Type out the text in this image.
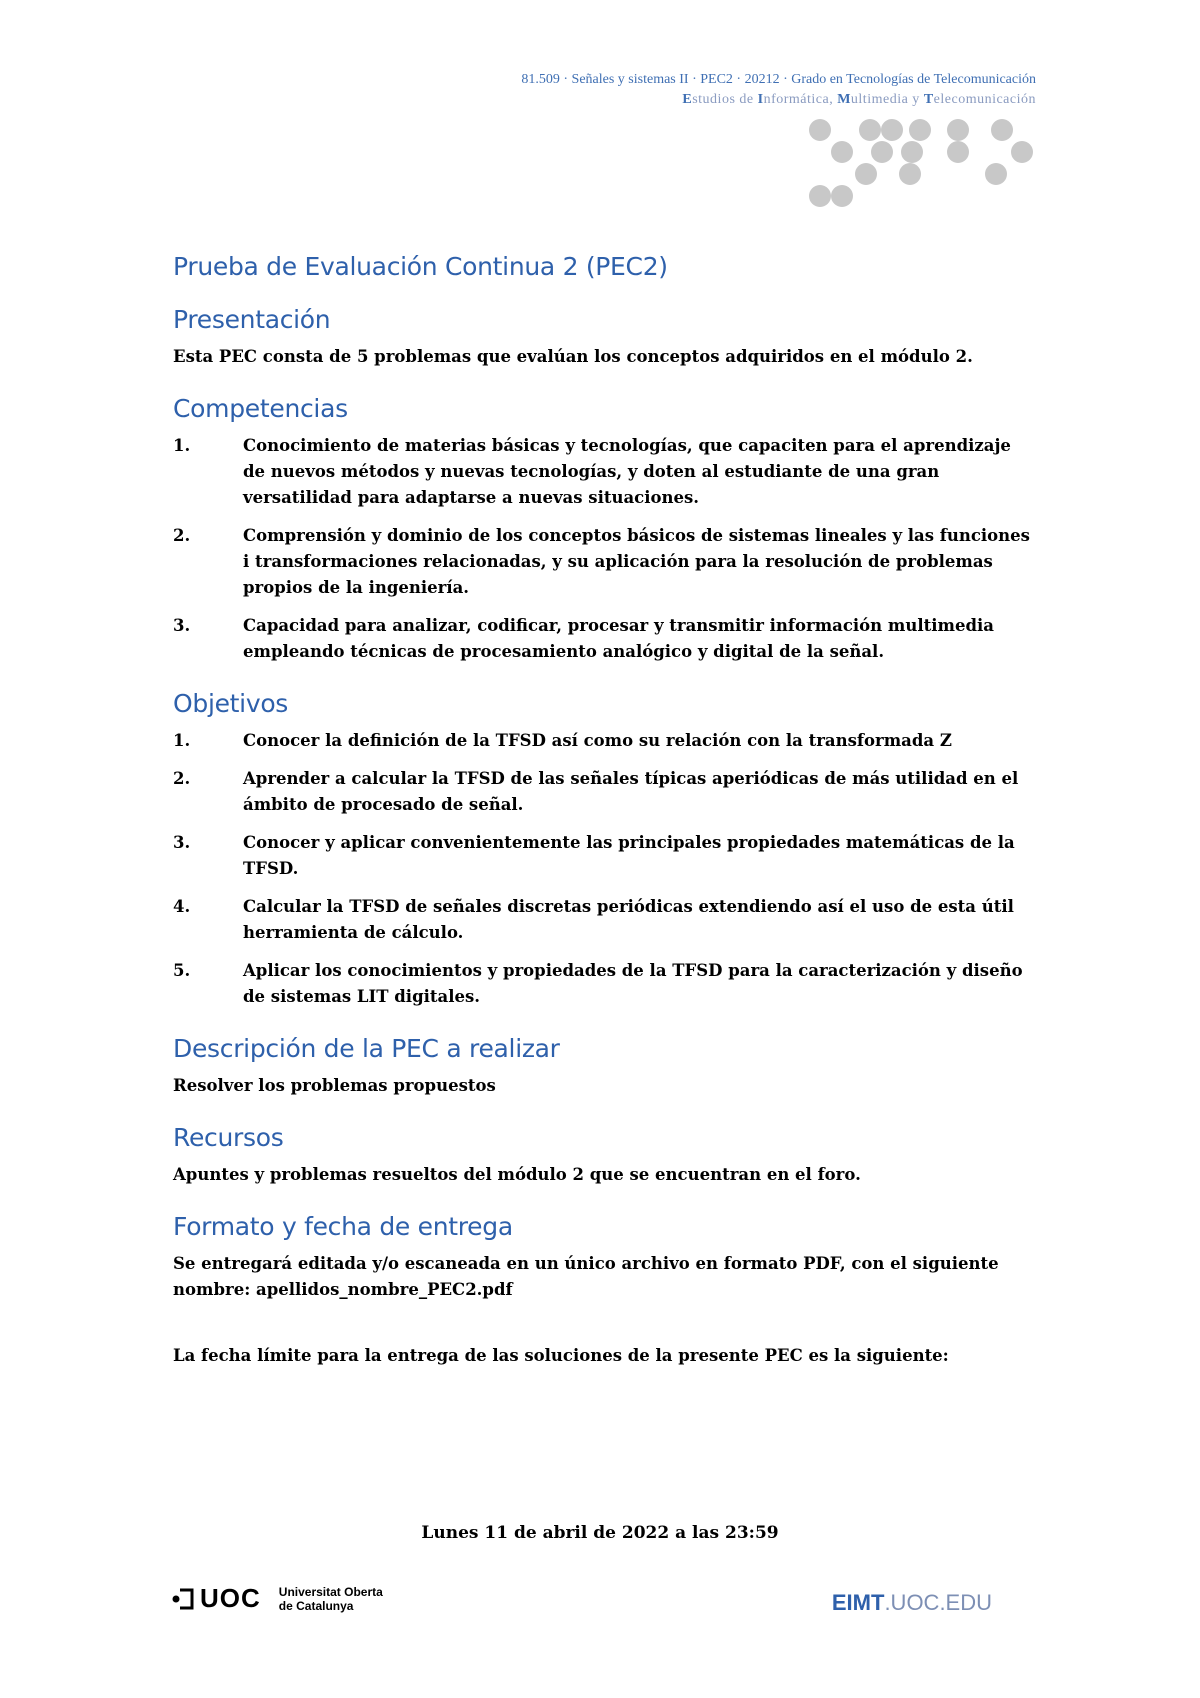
81.509 · Señales y sistemas II · PEC2 · 20212 · Grado en Tecnologías de Telecomunicación
Estudios de Informática, Multimedia y Telecomunicación
Prueba de Evaluación Continua 2 (PEC2)
Presentación

Esta PEC consta de 5 problemas que evalúan los conceptos adquiridos en el módulo 2.

Competencias
1.	Conocimiento de materias básicas y tecnologías, que capaciten para el aprendizaje de nuevos métodos y nuevas tecnologías, y doten al estudiante de una gran versatilidad para adaptarse a nuevas situaciones.
2.	Comprensión y dominio de los conceptos básicos de sistemas lineales y las funciones i transformaciones relacionadas, y su aplicación para la resolución de problemas propios de la ingeniería.
3.	Capacidad para analizar, codificar, procesar y transmitir información multimedia empleando técnicas de procesamiento analógico y digital de la señal.
Objetivos
1.	Conocer la definición de la TFSD así como su relación con la transformada Z
2.	Aprender a calcular la TFSD de las señales típicas aperiódicas de más utilidad en el ámbito de procesado de señal.
3.	Conocer y aplicar convenientemente las principales propiedades matemáticas de la TFSD.
4.	Calcular la TFSD de señales discretas periódicas extendiendo así el uso de esta útil herramienta de cálculo.
5.	Aplicar los conocimientos y propiedades de la TFSD para la caracterización y diseño de sistemas LIT digitales.
Descripción de la PEC a realizar

Resolver los problemas propuestos

Recursos

Apuntes y problemas resueltos del módulo 2 que se encuentran en el foro.

Formato y fecha de entrega

Se entregará editada y/o escaneada en un único archivo en formato PDF, con el siguiente nombre: apellidos_nombre_PEC2.pdf

La fecha límite para la entrega de las soluciones de la presente PEC es la siguiente:

Lunes 11 de abril de 2022 a las 23:59
UOC Universitat Oberta
de Catalunya	EIMT.UOC.EDU
